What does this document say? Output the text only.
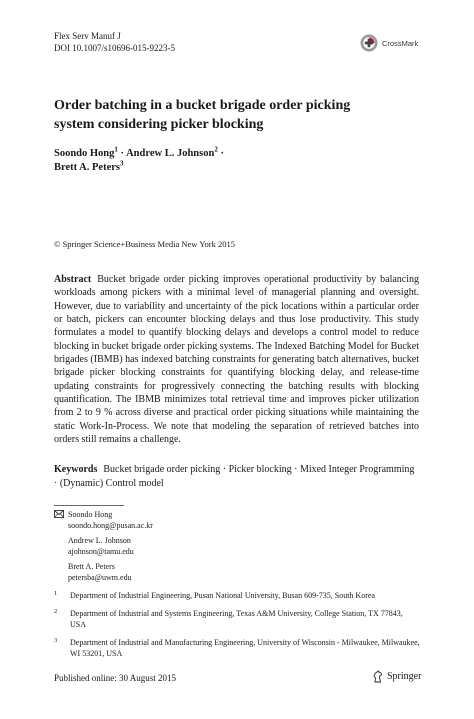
Flex Serv Manuf J
DOI 10.1007/s10696-015-9223-5	CrossMark
Order batching in a bucket brigade order picking
system considering picker blocking
Soondo Hong$^1$ · Andrew L. Johnson$^2$ ·
Brett A. Peters$^3$
© Springer Science+Business Media New York 2015
Abstract Bucket brigade order picking improves operational productivity by balancing workloads among pickers with a minimal level of managerial planning and oversight. However, due to variability and uncertainty of the pick locations within a particular order or batch, pickers can encounter blocking delays and thus lose productivity. This study formulates a model to quantify blocking delays and develops a control model to reduce blocking in bucket brigade order picking systems. The Indexed Batching Model for Bucket brigades (IBMB) has indexed batching constraints for generating batch alternatives, bucket brigade picker blocking constraints for quantifying blocking delay, and release-time updating constraints for progressively connecting the batching results with blocking quantification. The IBMB minimizes total retrieval time and improves picker utilization from 2 to 9 % across diverse and practical order picking situations while maintaining the static Work-In-Process. We note that modeling the separation of retrieved batches into orders still remains a challenge.
Keywords Bucket brigade order picking · Picker blocking · Mixed Integer Programming · (Dynamic) Control model
Soondo Hong
soondo.hong@pusan.ac.kr
Andrew L. Johnson
ajohnson@tamu.edu
Brett A. Peters
petersba@uwm.edu
1 Department of Industrial Engineering, Pusan National University, Busan 609-735, South Korea
2 Department of Industrial and Systems Engineering, Texas A&M University, College Station, TX 77843, USA
3 Department of Industrial and Manufacturing Engineering, University of Wisconsin - Milwaukee, Milwaukee, WI 53201, USA
Published online: 30 August 2015	Springer
